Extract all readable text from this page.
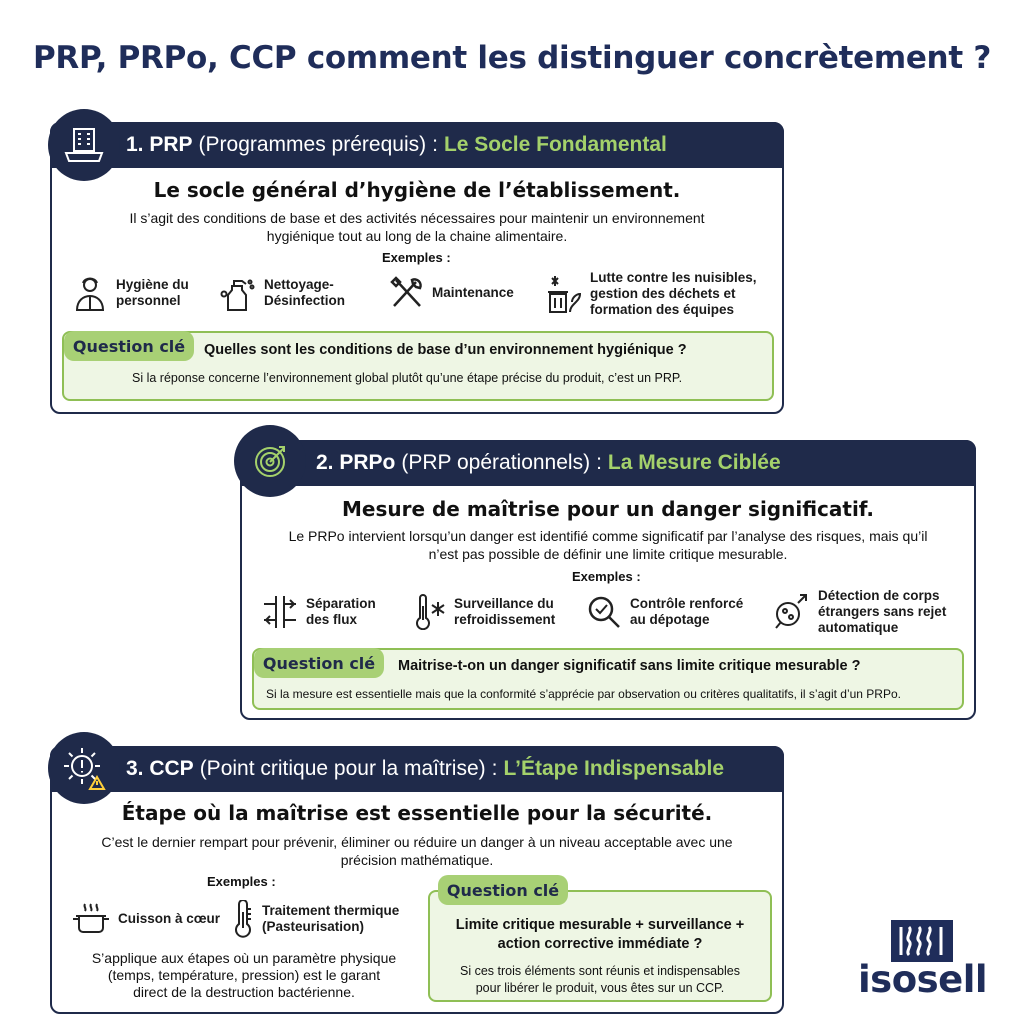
PRP, PRPo, CCP comment les distinguer concrètement ?
1. PRP (Programmes prérequis) : Le Socle Fondamental
Le socle général d’hygiène de l’établissement.
Il s’agit des conditions de base et des activités nécessaires pour maintenir un environnement
hygiénique tout au long de la chaine alimentaire.
Exemples :
Hygiène du
personnel
Nettoyage-
Désinfection
Maintenance
Lutte contre les nuisibles,
gestion des déchets et
formation des équipes
Question clé	Quelles sont les conditions de base d’un environnement hygiénique ?
Si la réponse concerne l’environnement global plutôt qu’une étape précise du produit, c’est un PRP.
2. PRPo (PRP opérationnels) : La Mesure Ciblée
Mesure de maîtrise pour un danger significatif.
Le PRPo intervient lorsqu’un danger est identifié comme significatif par l’analyse des risques, mais qu’il
n’est pas possible de définir une limite critique mesurable.
Exemples :
Séparation
des flux
Surveillance du
refroidissement
Contrôle renforcé
au dépotage
Détection de corps
étrangers sans rejet
automatique
Question clé	Maitrise-t-on un danger significatif sans limite critique mesurable ?
Si la mesure est essentielle mais que la conformité s’apprécie par observation ou critères qualitatifs, il s’agit d’un PRPo.
3. CCP (Point critique pour la maîtrise) : L’Étape Indispensable
Étape où la maîtrise est essentielle pour la sécurité.
C’est le dernier rempart pour prévenir, éliminer ou réduire un danger à un niveau acceptable avec une
précision mathématique.
Exemples :
Cuisson à cœur
Traitement thermique
(Pasteurisation)
S’applique aux étapes où un paramètre physique
(temps, température, pression) est le garant
direct de la destruction bactérienne.
Question clé
Limite critique mesurable + surveillance +
action corrective immédiate ?
Si ces trois éléments sont réunis et indispensables
pour libérer le produit, vous êtes sur un CCP.	isosell
